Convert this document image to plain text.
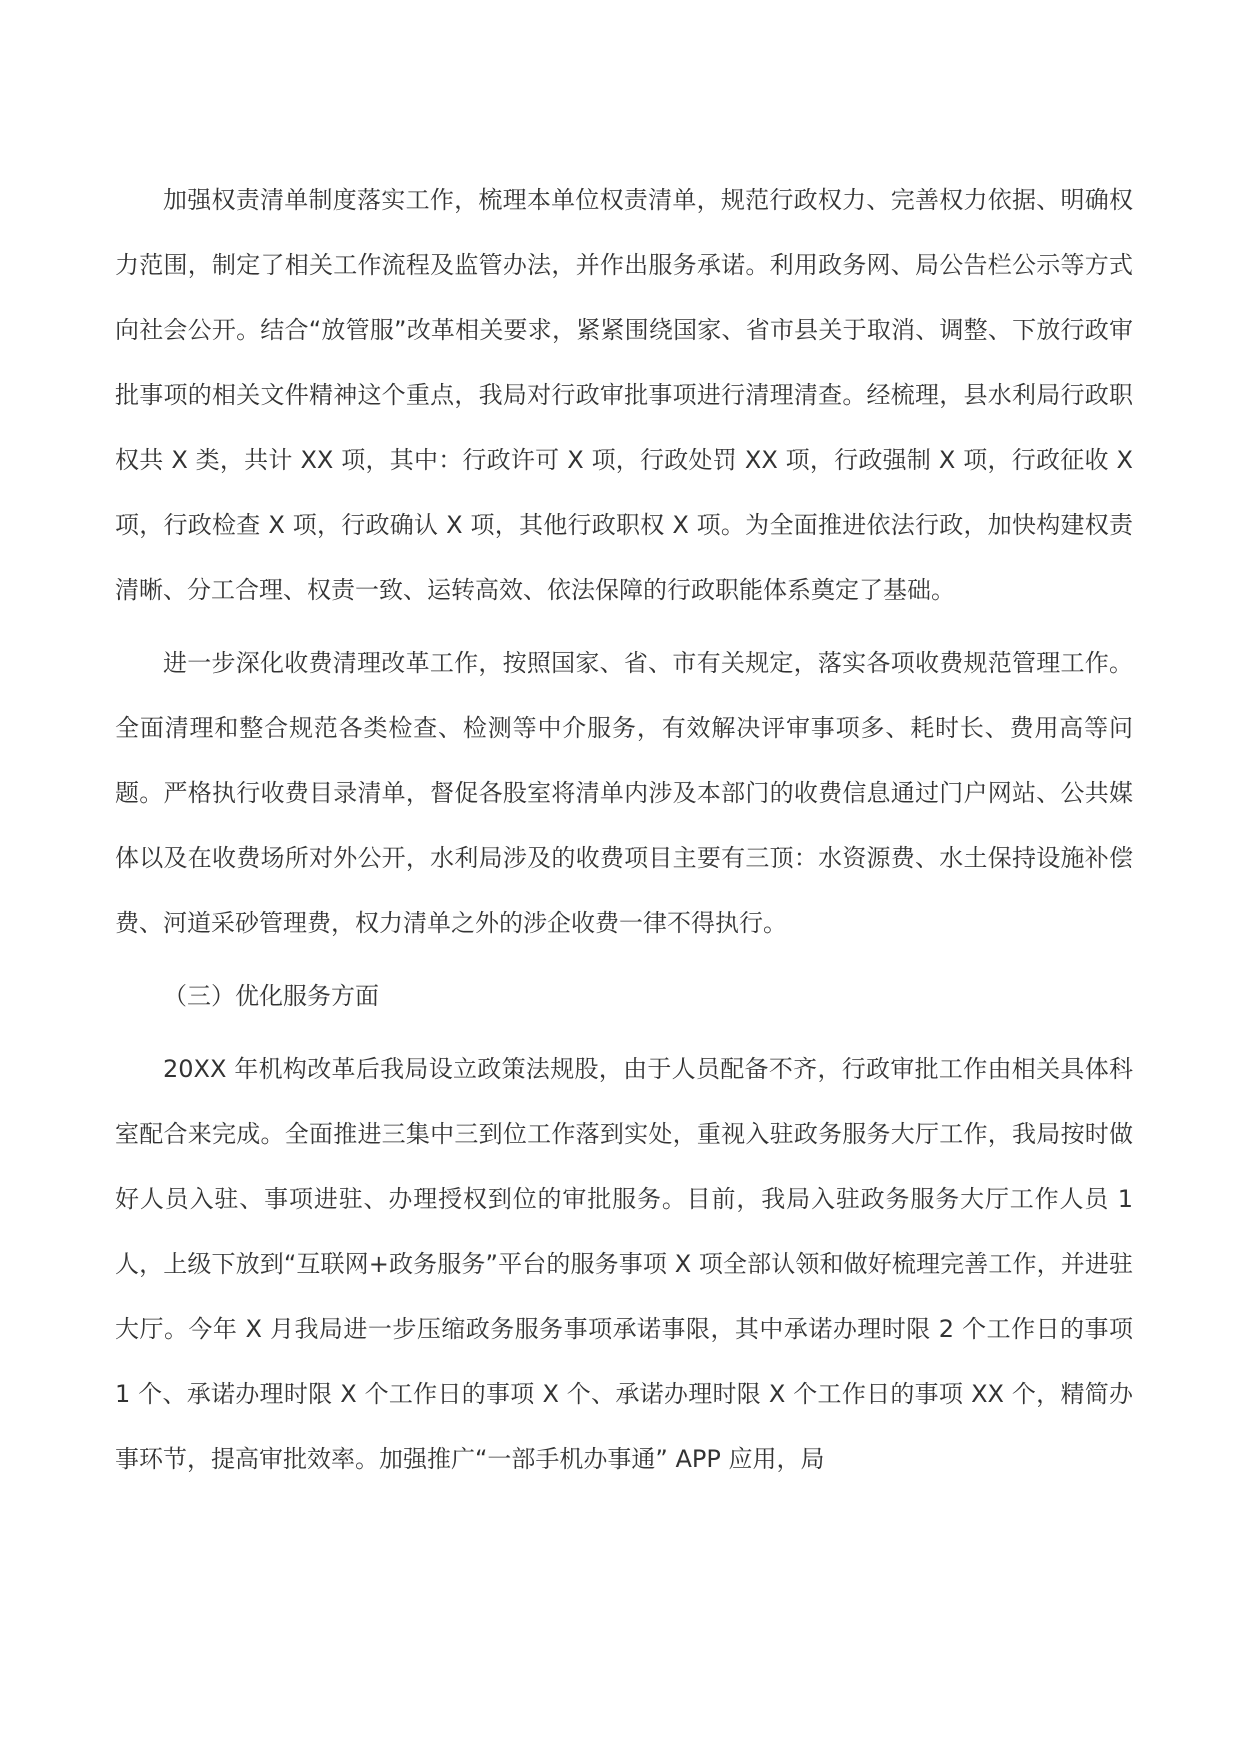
加强权责清单制度落实工作，梳理本单位权责清单，规范行政权力、完善权力依据、明确权力范围，制定了相关工作流程及监管办法，并作出服务承诺。利用政务网、局公告栏公示等方式向社会公开。结合“放管服”改革相关要求，紧紧围绕国家、省市县关于取消、调整、下放行政审批事项的相关文件精神这个重点，我局对行政审批事项进行清理清查。经梳理，县水利局行政职权共 X 类，共计 XX 项，其中：行政许可 X 项，行政处罚 XX 项，行政强制 X 项，行政征收 X 项，行政检查 X 项，行政确认 X 项，其他行政职权 X 项。为全面推进依法行政，加快构建权责清晰、分工合理、权责一致、运转高效、依法保障的行政职能体系奠定了基础。

进一步深化收费清理改革工作，按照国家、省、市有关规定，落实各项收费规范管理工作。全面清理和整合规范各类检查、检测等中介服务，有效解决评审事项多、耗时长、费用高等问题。严格执行收费目录清单，督促各股室将清单内涉及本部门的收费信息通过门户网站、公共媒体以及在收费场所对外公开，水利局涉及的收费项目主要有三顶：水资源费、水土保持设施补偿费、河道采砂管理费，权力清单之外的涉企收费一律不得执行。

（三）优化服务方面

20XX 年机构改革后我局设立政策法规股，由于人员配备不齐，行政审批工作由相关具体科室配合来完成。全面推进三集中三到位工作落到实处，重视入驻政务服务大厅工作，我局按时做好人员入驻、事项进驻、办理授权到位的审批服务。目前，我局入驻政务服务大厅工作人员 1 人，上级下放到“互联网+政务服务”平台的服务事项 X 项全部认领和做好梳理完善工作，并进驻大厅。今年 X 月我局进一步压缩政务服务事项承诺事限，其中承诺办理时限 2 个工作日的事项 1 个、承诺办理时限 X 个工作日的事项 X 个、承诺办理时限 X 个工作日的事项 XX 个，精简办事环节，提高审批效率。加强推广“一部手机办事通” APP 应用，局
